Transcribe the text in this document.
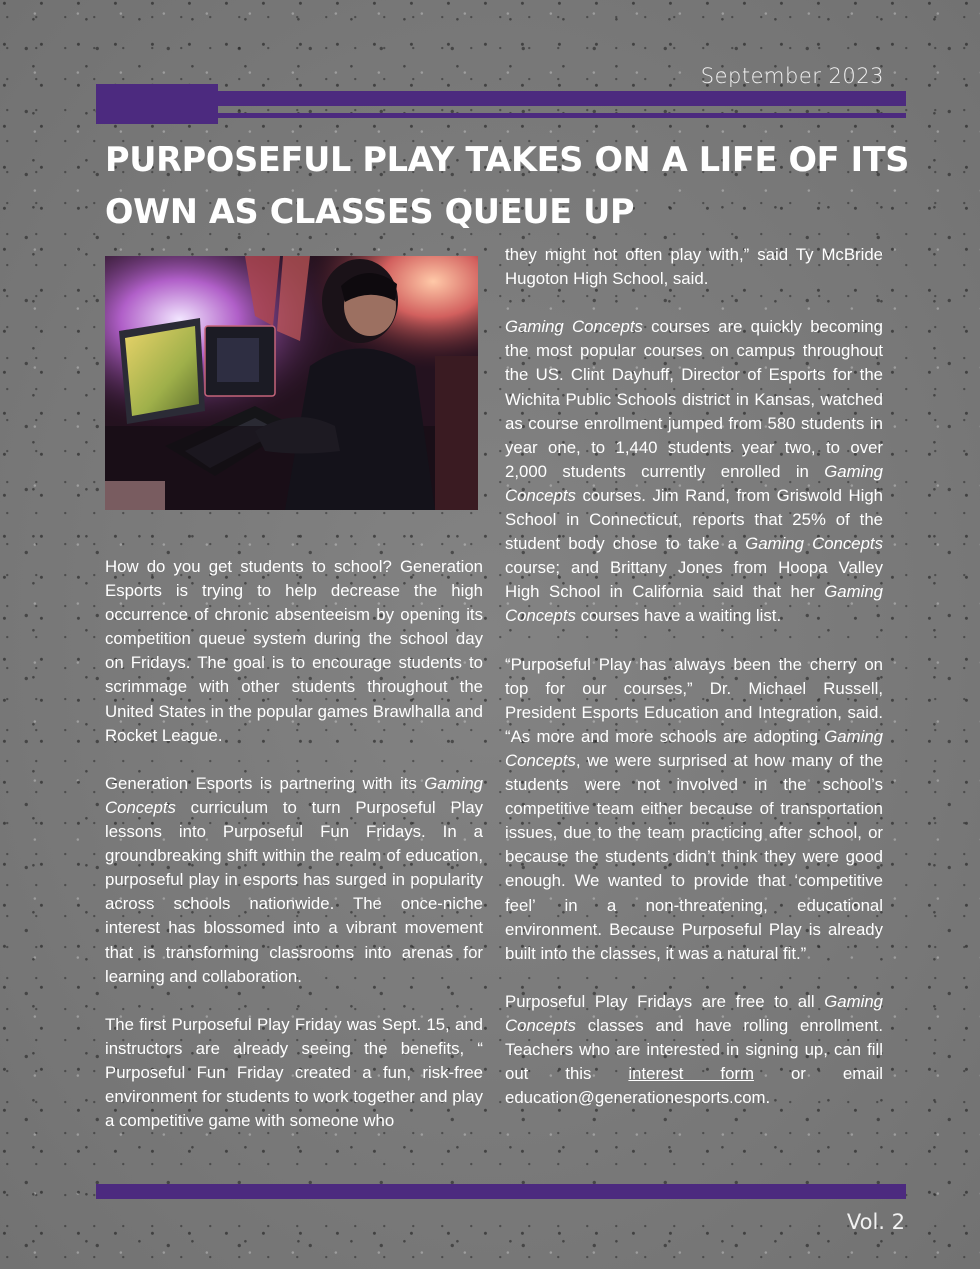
September 2023
PURPOSEFUL PLAY TAKES ON A LIFE OF ITS OWN AS CLASSES QUEUE UP

How do you get students to school? Generation Esports is trying to help decrease the high occurrence of chronic absenteeism by opening its competition queue system during the school day on Fridays. The goal is to encourage students to scrimmage with other students throughout the United States in the popular games Brawlhalla and Rocket League.

Generation Esports is partnering with its Gaming Concepts curriculum to turn Purposeful Play lessons into Purposeful Fun Fridays. In a groundbreaking shift within the realm of education, purposeful play in esports has surged in popularity across schools nationwide. The once-niche interest has blossomed into a vibrant movement that is transforming classrooms into arenas for learning and collaboration.

The first Purposeful Play Friday was Sept. 15, and instructors are already seeing the benefits, “ Purposeful Fun Friday created a fun, risk-free environment for students to work together and play a competitive game with someone who

they might not often play with,” said Ty McBride Hugoton High School, said.

Gaming Concepts courses are quickly becoming the most popular courses on campus throughout the US. Clint Dayhuff, Director of Esports for the Wichita Public Schools district in Kansas, watched as course enrollment jumped from 580 students in year one, to 1,440 students year two, to over 2,000 students currently enrolled in Gaming Concepts courses. Jim Rand, from Griswold High School in Connecticut, reports that 25% of the student body chose to take a Gaming Concepts course; and Brittany Jones from Hoopa Valley High School in California said that her Gaming Concepts courses have a waiting list.

“Purposeful Play has always been the cherry on top for our courses,” Dr. Michael Russell, President Esports Education and Integration, said. “As more and more schools are adopting Gaming Concepts, we were surprised at how many of the students were not involved in the school’s competitive team either because of transportation issues, due to the team practicing after school, or because the students didn’t think they were good enough. We wanted to provide that ‘competitive feel’ in a non-threatening, educational environment. Because Purposeful Play is already built into the classes, it was a natural fit.”

Purposeful Play Fridays are free to all Gaming Concepts classes and have rolling enrollment. Teachers who are interested in signing up, can fill out this interest form or email education@generationesports.com.

Vol. 2
